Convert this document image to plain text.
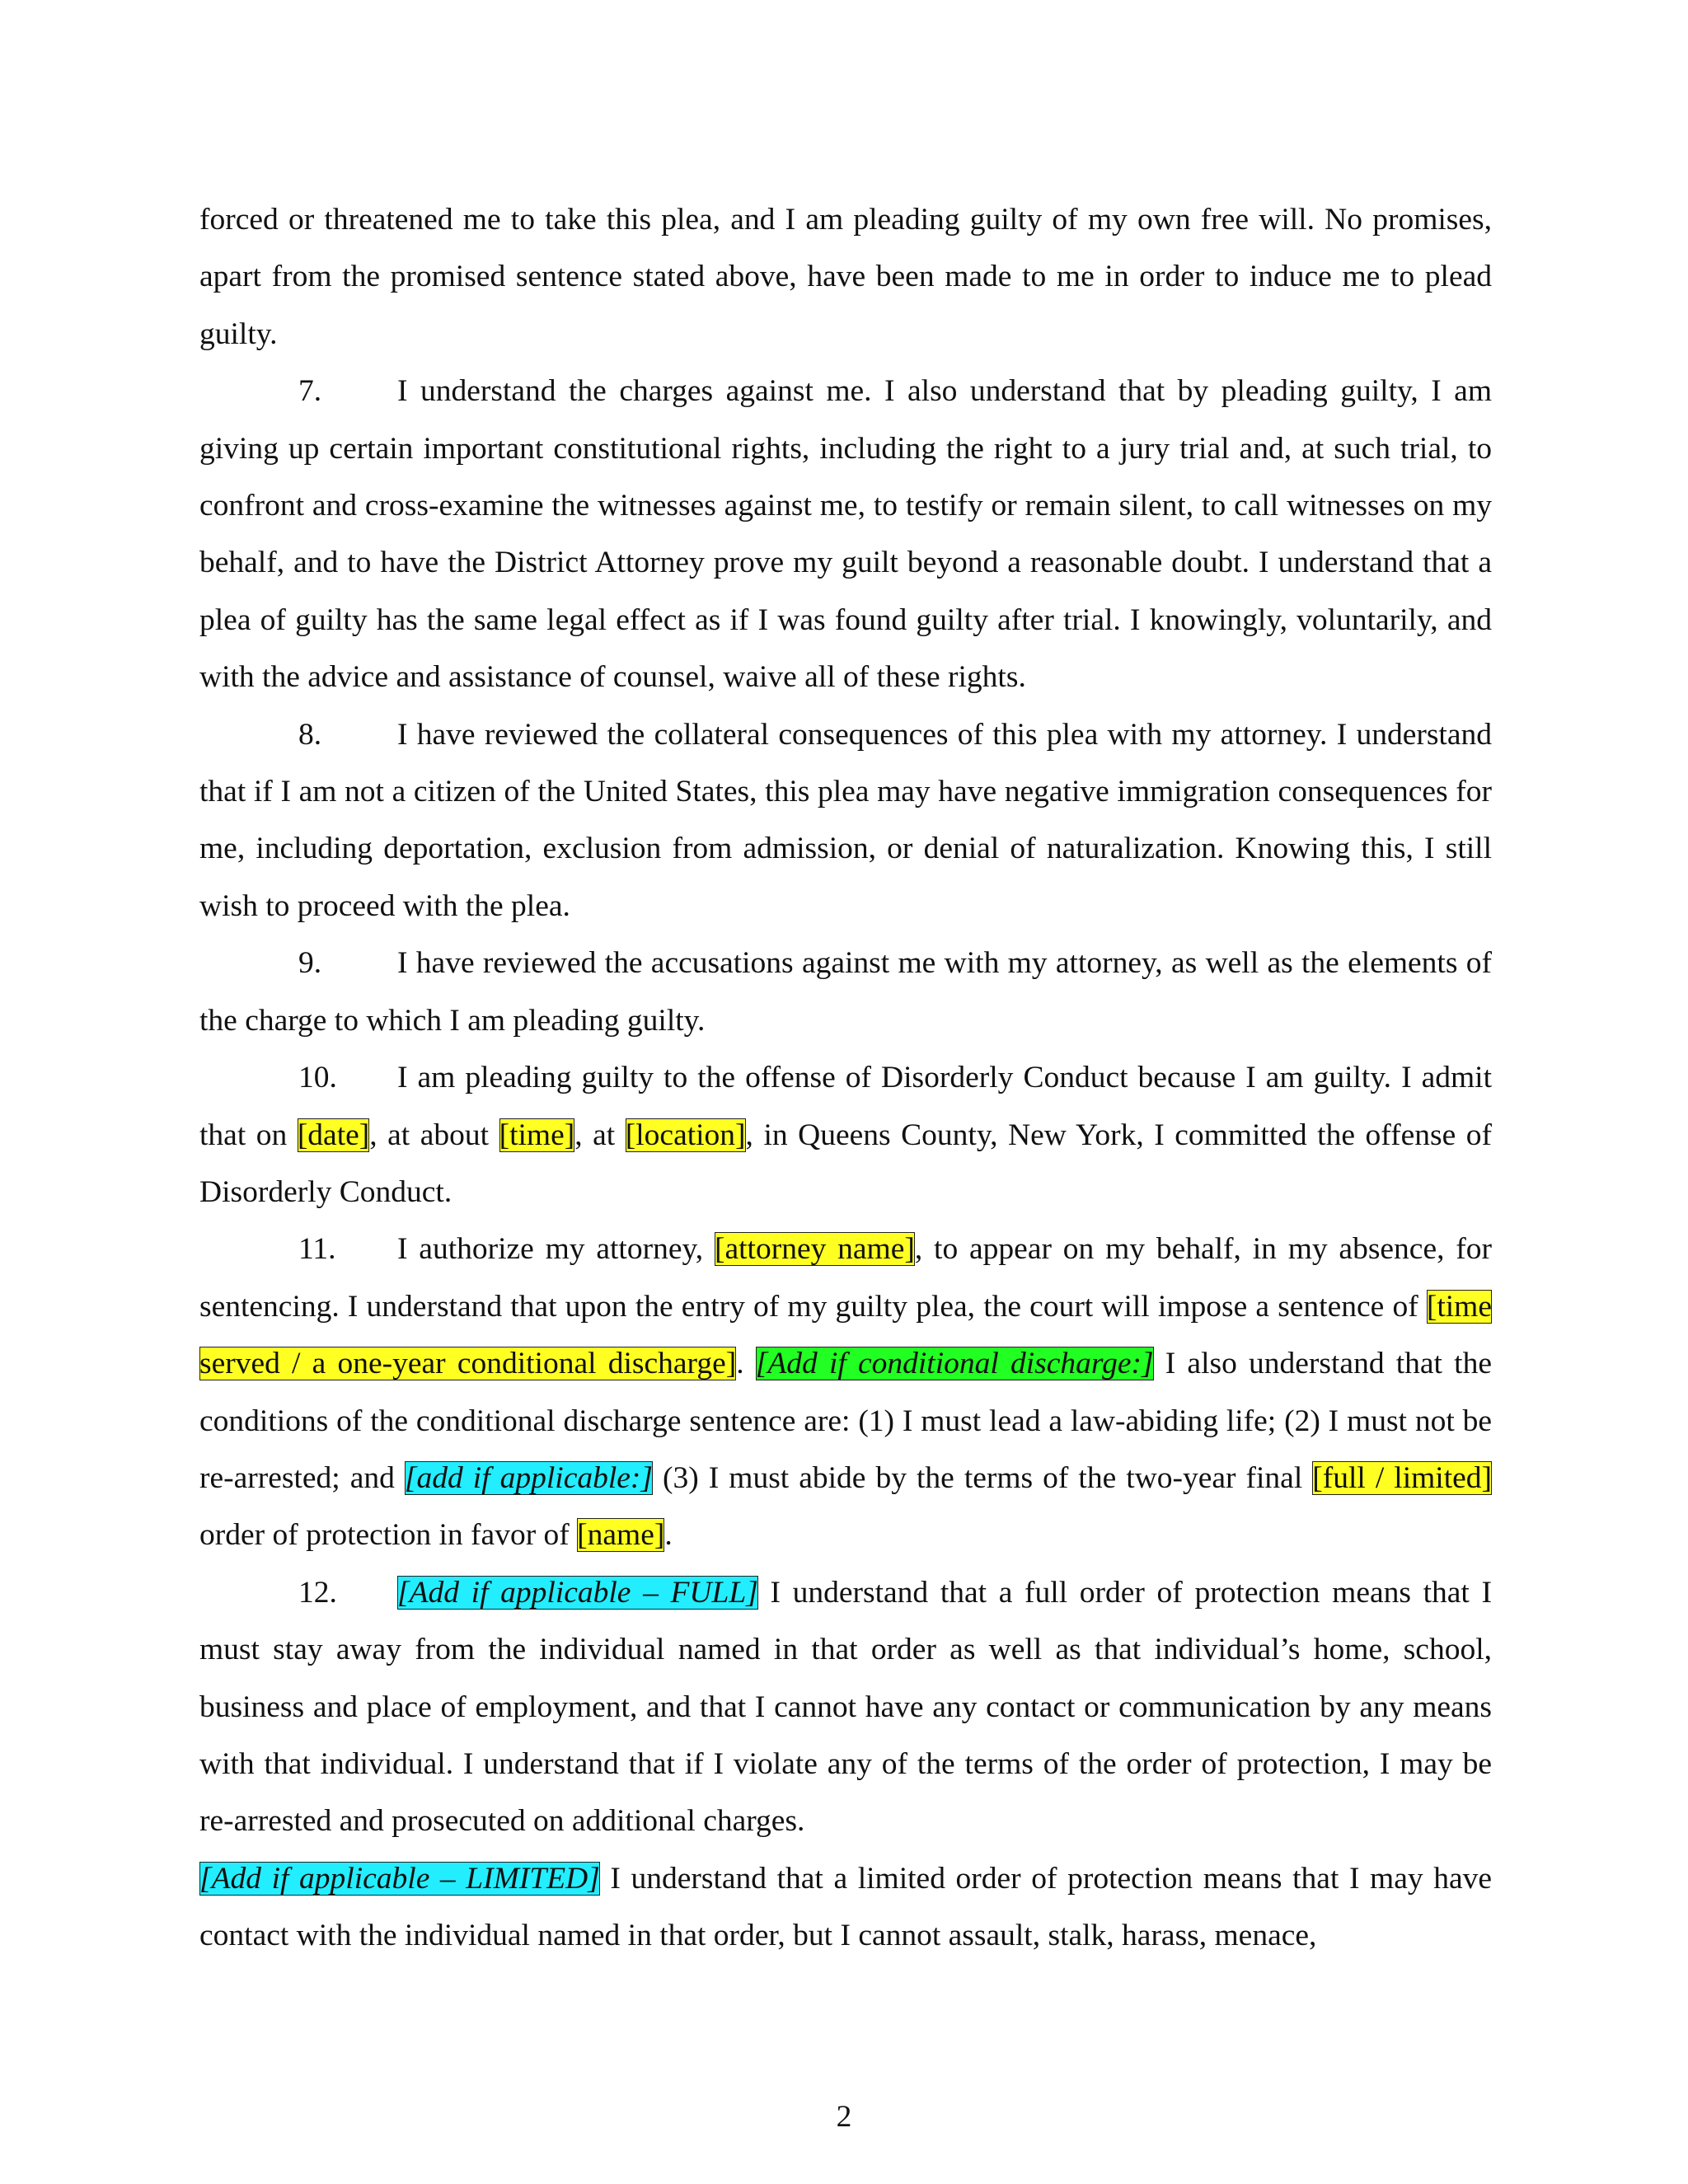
forced or threatened me to take this plea, and I am pleading guilty of my own free will. No promises, apart from the promised sentence stated above, have been made to me in order to induce me to plead guilty.

7. I understand the charges against me. I also understand that by pleading guilty, I am giving up certain important constitutional rights, including the right to a jury trial and, at such trial, to confront and cross-examine the witnesses against me, to testify or remain silent, to call witnesses on my behalf, and to have the District Attorney prove my guilt beyond a reasonable doubt. I understand that a plea of guilty has the same legal effect as if I was found guilty after trial. I knowingly, voluntarily, and with the advice and assistance of counsel, waive all of these rights.

8. I have reviewed the collateral consequences of this plea with my attorney. I understand that if I am not a citizen of the United States, this plea may have negative immigration consequences for me, including deportation, exclusion from admission, or denial of naturalization. Knowing this, I still wish to proceed with the plea.

9. I have reviewed the accusations against me with my attorney, as well as the elements of the charge to which I am pleading guilty.

10. I am pleading guilty to the offense of Disorderly Conduct because I am guilty. I admit that on [date], at about [time], at [location], in Queens County, New York, I committed the offense of Disorderly Conduct.

11. I authorize my attorney, [attorney name], to appear on my behalf, in my absence, for sentencing. I understand that upon the entry of my guilty plea, the court will impose a sentence of [time served / a one-year conditional discharge]. [Add if conditional discharge:] I also understand that the conditions of the conditional discharge sentence are: (1) I must lead a law-abiding life; (2) I must not be re-arrested; and [add if applicable:] (3) I must abide by the terms of the two-year final [full / limited] order of protection in favor of [name].

12. [Add if applicable – FULL] I understand that a full order of protection means that I must stay away from the individual named in that order as well as that individual’s home, school, business and place of employment, and that I cannot have any contact or communication by any means with that individual. I understand that if I violate any of the terms of the order of protection, I may be re-arrested and prosecuted on additional charges.

[Add if applicable – LIMITED] I understand that a limited order of protection means that I may have contact with the individual named in that order, but I cannot assault, stalk, harass, menace,

2
